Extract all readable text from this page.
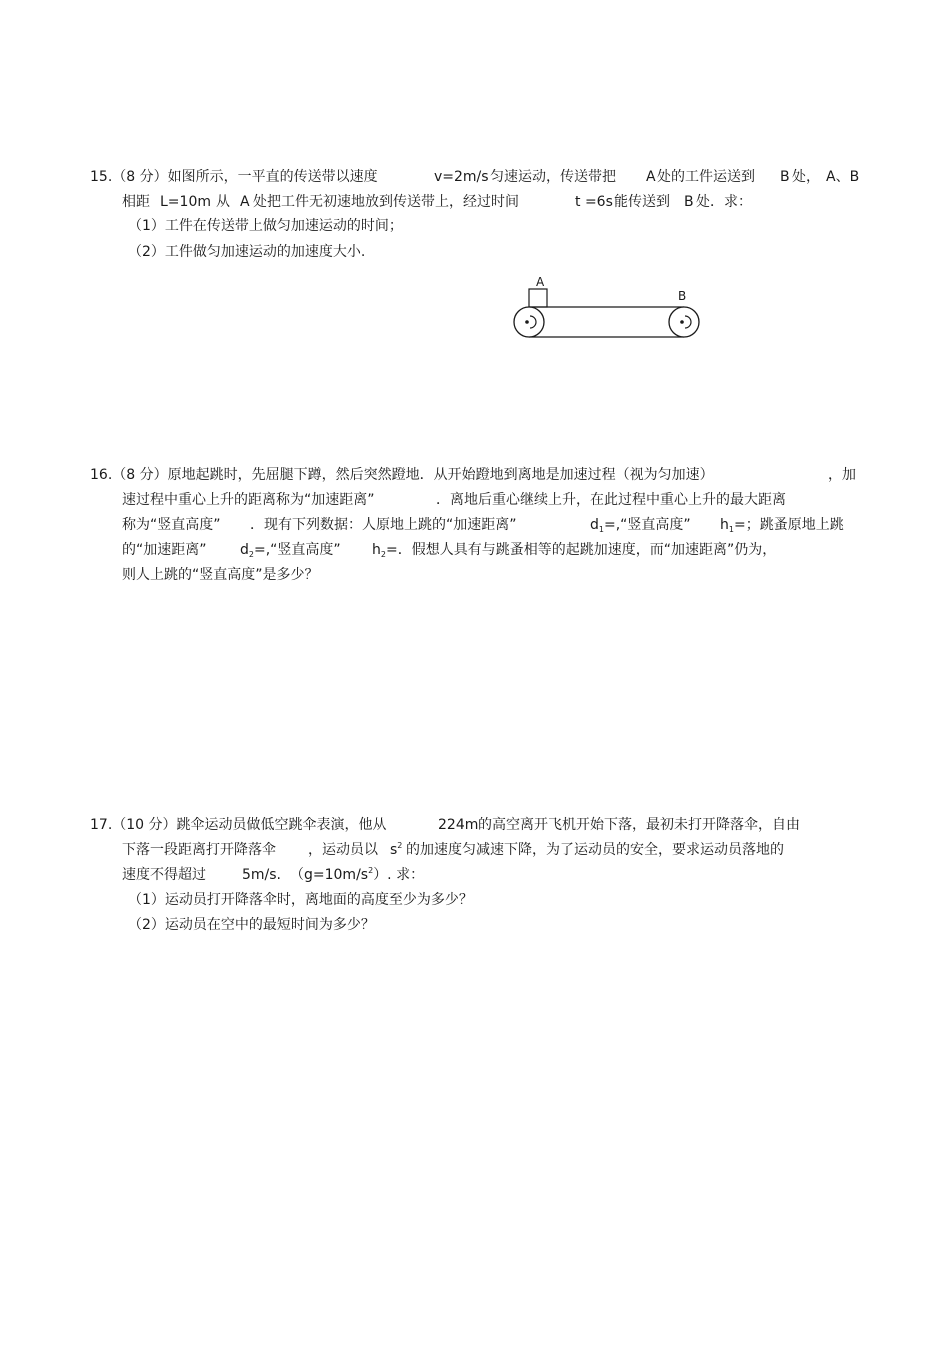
15.（8 分）如图所示，一平直的传送带以速度	v=2m/s 匀速运动，传送带把 A 处的工件运送到 B 处， A、B
相距 L=10m 从 A 处把工件无初速地放到传送带上，经过时间	t =6s 能传送到 B 处．求：
（1）工件在传送带上做匀加速运动的时间；
（2）工件做匀加速运动的加速度大小.
A
B
16.（8 分）原地起跳时，先屈腿下蹲，然后突然蹬地．从开始蹬地到离地是加速过程（视为匀加速）	，加
速过程中重心上升的距离称为“加速距离”	．离地后重心继续上升，在此过程中重心上升的最大距离
称为“竖直高度” ．现有下列数据：人原地上跳的“加速距离”	$d_1=,“$竖直高度” $h_1=$；跳蚤原地上跳
的“加速距离” $d_2=,“$竖直高度” $h_2=$．假想人具有与跳蚤相等的起跳加速度，而“加速距离”仍为，
则人上跳的“竖直高度”是多少？
17.（10 分）跳伞运动员做低空跳伞表演，他从	224m 的高空离开飞机开始下落，最初未打开降落伞，自由
下落一段距离打开降落伞 ，运动员以 $s^2$ 的加速度匀减速下降，为了运动员的安全，要求运动员落地的
速度不得超过	5m/s. $(g=10m/s^2)$. 求：
（1）运动员打开降落伞时，离地面的高度至少为多少？
（2）运动员在空中的最短时间为多少？
